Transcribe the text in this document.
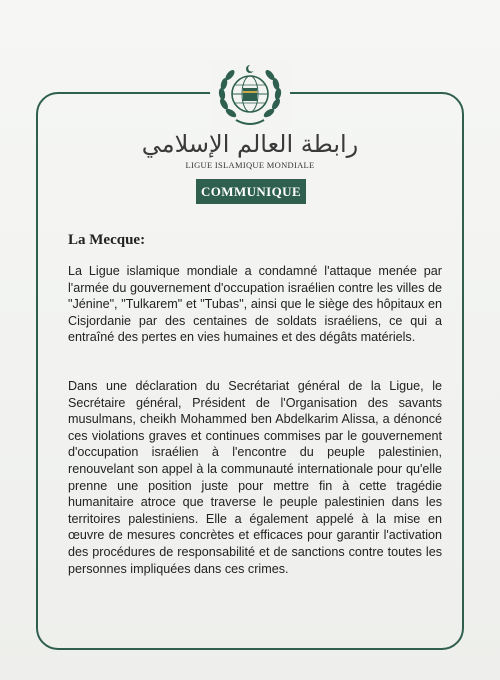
رابطة العالم الإسلامي
LIGUE ISLAMIQUE MONDIALE
COMMUNIQUE
La Mecque:

La Ligue islamique mondiale a condamné l'attaque menée par l'armée du gouvernement d'occupation israélien contre les villes de "Jénine", "Tulkarem" et "Tubas", ainsi que le siège des hôpitaux en Cisjordanie par des centaines de soldats israéliens, ce qui a entraîné des pertes en vies humaines et des dégâts matériels.

Dans une déclaration du Secrétariat général de la Ligue, le Secrétaire général, Président de l'Organisation des savants musulmans, cheikh Mohammed ben Abdelkarim Alissa, a dénoncé ces violations graves et continues commises par le gouvernement d'occupation israélien à l'encontre du peuple palestinien, renouvelant son appel à la communauté internationale pour qu'elle prenne une position juste pour mettre fin à cette tragédie humanitaire atroce que traverse le peuple palestinien dans les territoires palestiniens. Elle a également appelé à la mise en œuvre de mesures concrètes et efficaces pour garantir l'activation des procédures de responsabilité et de sanctions contre toutes les personnes impliquées dans ces crimes.
